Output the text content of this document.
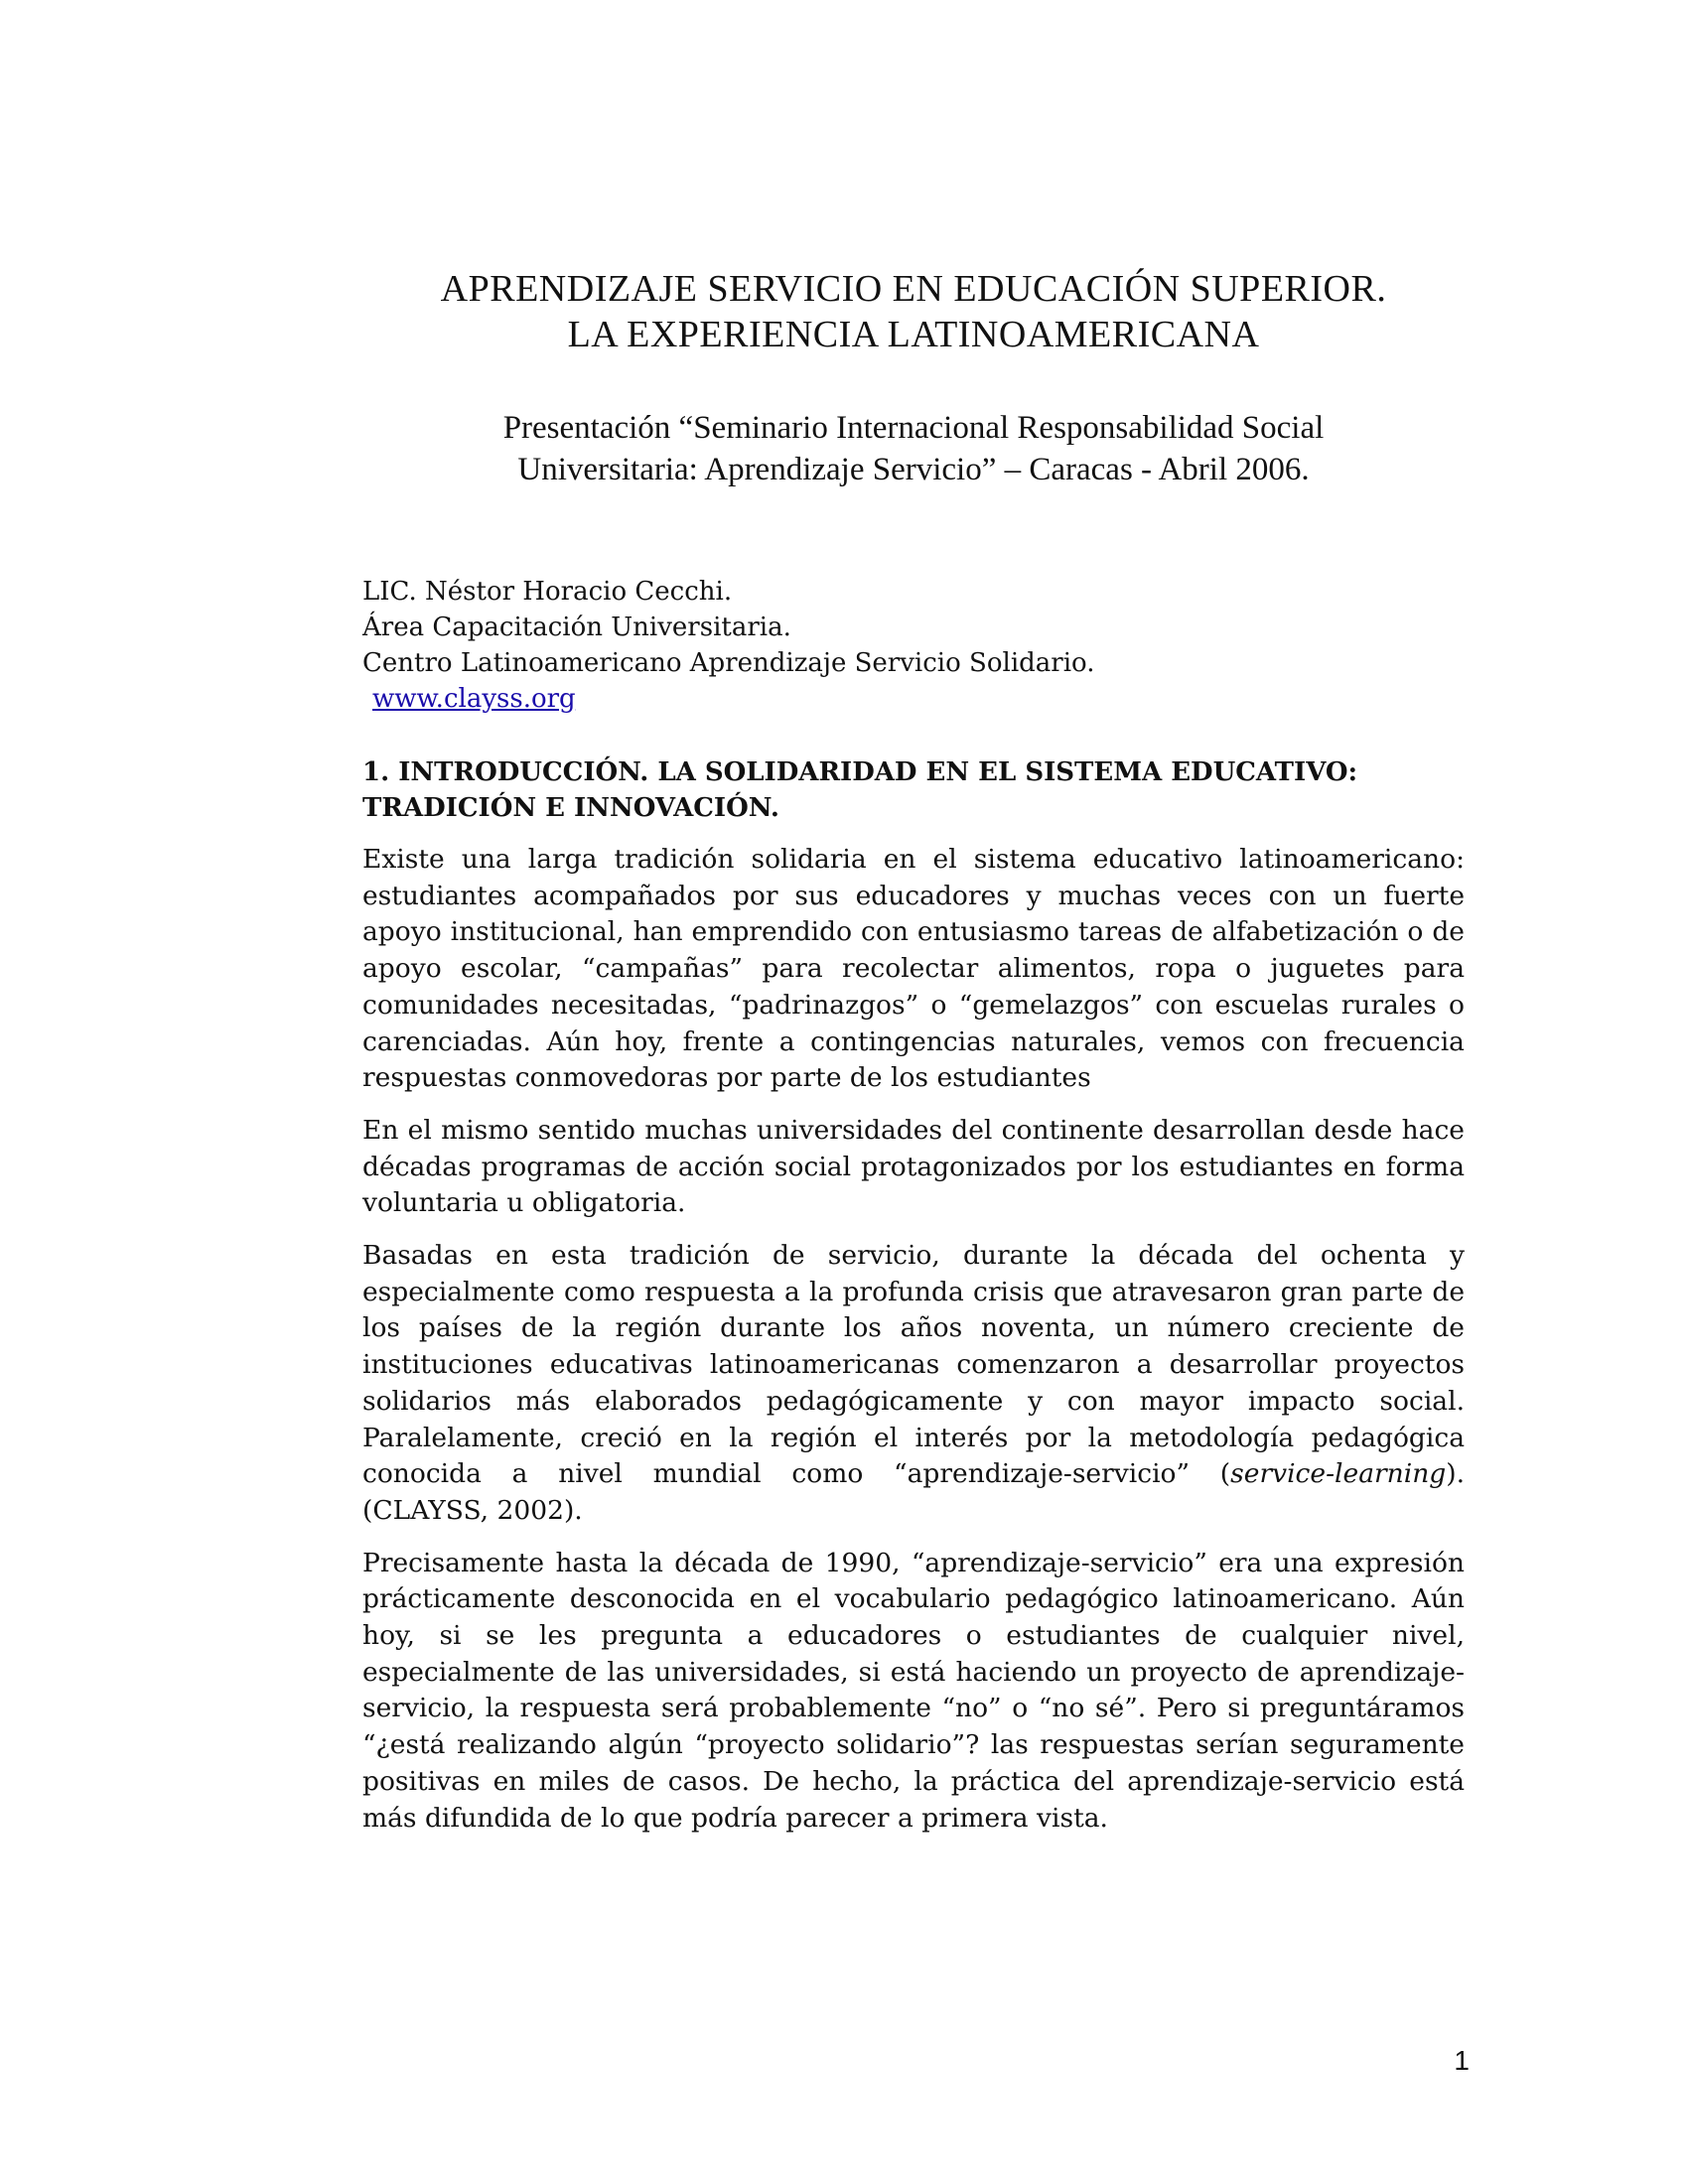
APRENDIZAJE SERVICIO EN EDUCACIÓN SUPERIOR.
LA EXPERIENCIA LATINOAMERICANA
Presentación “Seminario Internacional Responsabilidad Social
Universitaria: Aprendizaje Servicio” – Caracas - Abril 2006.
LIC. Néstor Horacio Cecchi.
Área Capacitación Universitaria.
Centro Latinoamericano Aprendizaje Servicio Solidario.
www.clayss.org
1. INTRODUCCIÓN. LA SOLIDARIDAD EN EL SISTEMA EDUCATIVO: TRADICIÓN E INNOVACIÓN.

Existe una larga tradición solidaria en el sistema educativo latinoamericano: estudiantes acompañados por sus educadores y muchas veces con un fuerte apoyo institucional, han emprendido con entusiasmo tareas de alfabetización o de apoyo escolar, “campañas” para recolectar alimentos, ropa o juguetes para comunidades necesitadas, “padrinazgos” o “gemelazgos” con escuelas rurales o carenciadas. Aún hoy, frente a contingencias naturales, vemos con frecuencia respuestas conmovedoras por parte de los estudiantes

En el mismo sentido muchas universidades del continente desarrollan desde hace décadas programas de acción social protagonizados por los estudiantes en forma voluntaria u obligatoria.

Basadas en esta tradición de servicio, durante la década del ochenta y especialmente como respuesta a la profunda crisis que atravesaron gran parte de los países de la región durante los años noventa, un número creciente de instituciones educativas latinoamericanas comenzaron a desarrollar proyectos solidarios más elaborados pedagógicamente y con mayor impacto social. Paralelamente, creció en la región el interés por la metodología pedagógica conocida a nivel mundial como “aprendizaje-servicio” (service-learning). (CLAYSS, 2002).

Precisamente hasta la década de 1990, “aprendizaje-servicio” era una expresión prácticamente desconocida en el vocabulario pedagógico latinoamericano. Aún hoy, si se les pregunta a educadores o estudiantes de cualquier nivel, especialmente de las universidades, si está haciendo un proyecto de aprendizaje-servicio, la respuesta será probablemente “no” o “no sé”. Pero si preguntáramos “¿está realizando algún “proyecto solidario”? las respuestas serían seguramente positivas en miles de casos. De hecho, la práctica del aprendizaje-servicio está más difundida de lo que podría parecer a primera vista.

1
